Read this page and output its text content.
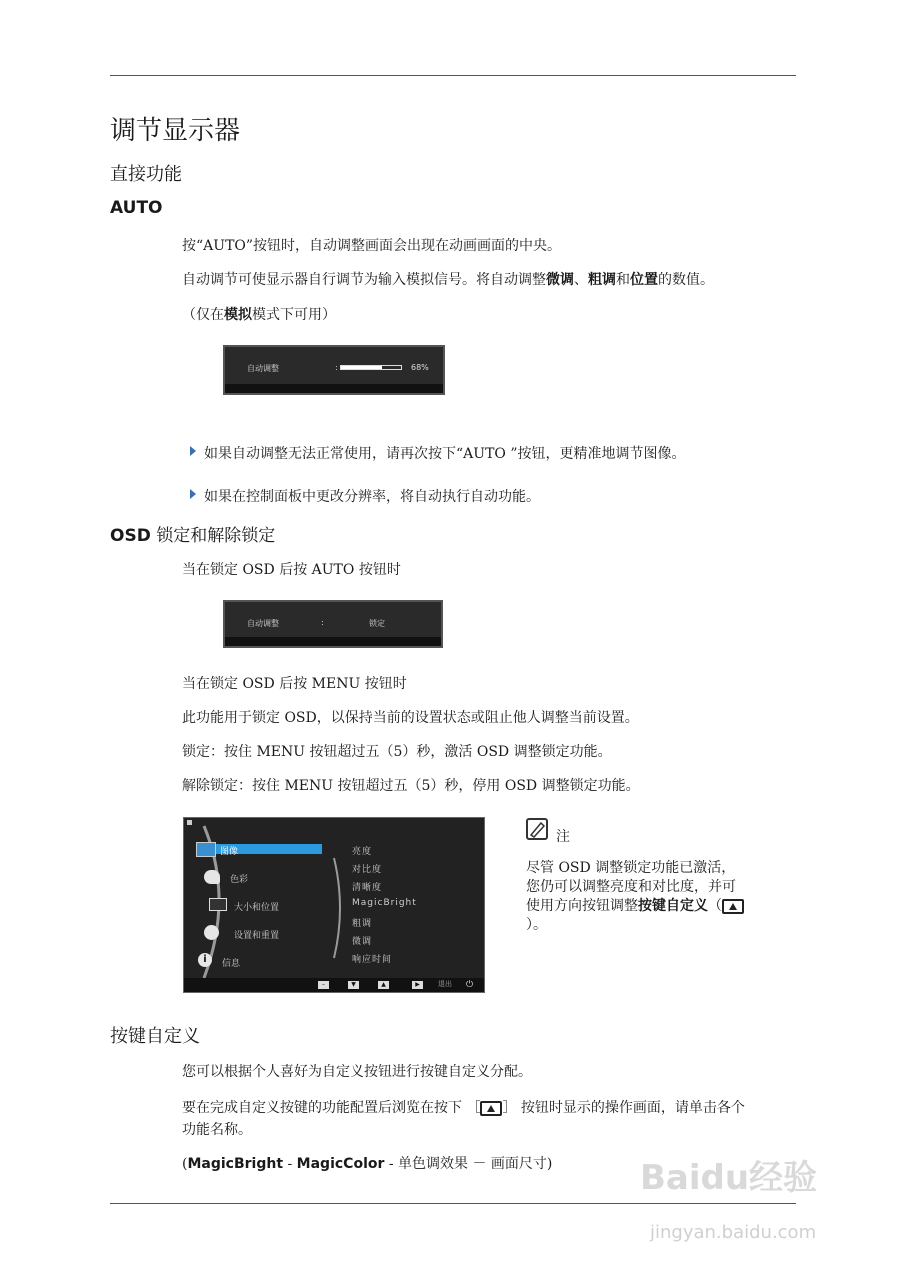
调节显示器
直接功能
AUTO
按“AUTO”按钮时，自动调整画面会出现在动画画面的中央。
自动调节可使显示器自行调节为输入模拟信号。将自动调整微调、粗调和位置的数值。
（仅在模拟模式下可用）
自动调整	:	68%
如果自动调整无法正常使用，请再次按下“AUTO ”按钮，更精准地调节图像。
如果在控制面板中更改分辨率，将自动执行自动功能。
OSD 锁定和解除锁定
当在锁定 OSD 后按 AUTO 按钮时
自动调整	:	锁定
当在锁定 OSD 后按 MENU 按钮时
此功能用于锁定 OSD，以保持当前的设置状态或阻止他人调整当前设置。
锁定：按住 MENU 按钮超过五（5）秒，激活 OSD 调整锁定功能。
解除锁定：按住 MENU 按钮超过五（5）秒，停用 OSD 调整锁定功能。
图像
色彩
大小和位置
设置和重置
i	信息
亮度
对比度
清晰度
MagicBright
粗调
微调
响应时间
–	▼	▲	▶	退出 ⏻
注
尽管 OSD 调整锁定功能已激活，您仍可以调整亮度和对比度，并可使用方向按钮调整按键自定义（）。
按键自定义
您可以根据个人喜好为自定义按钮进行按键自定义分配。
要在完成自定义按键的功能配置后浏览在按下 ［ ］ 按钮时显示的操作画面，请单击各个
功能名称。
(MagicBright - MagicColor - 单色调效果 － 画面尺寸)	Baidu经验
jingyan.baidu.com
